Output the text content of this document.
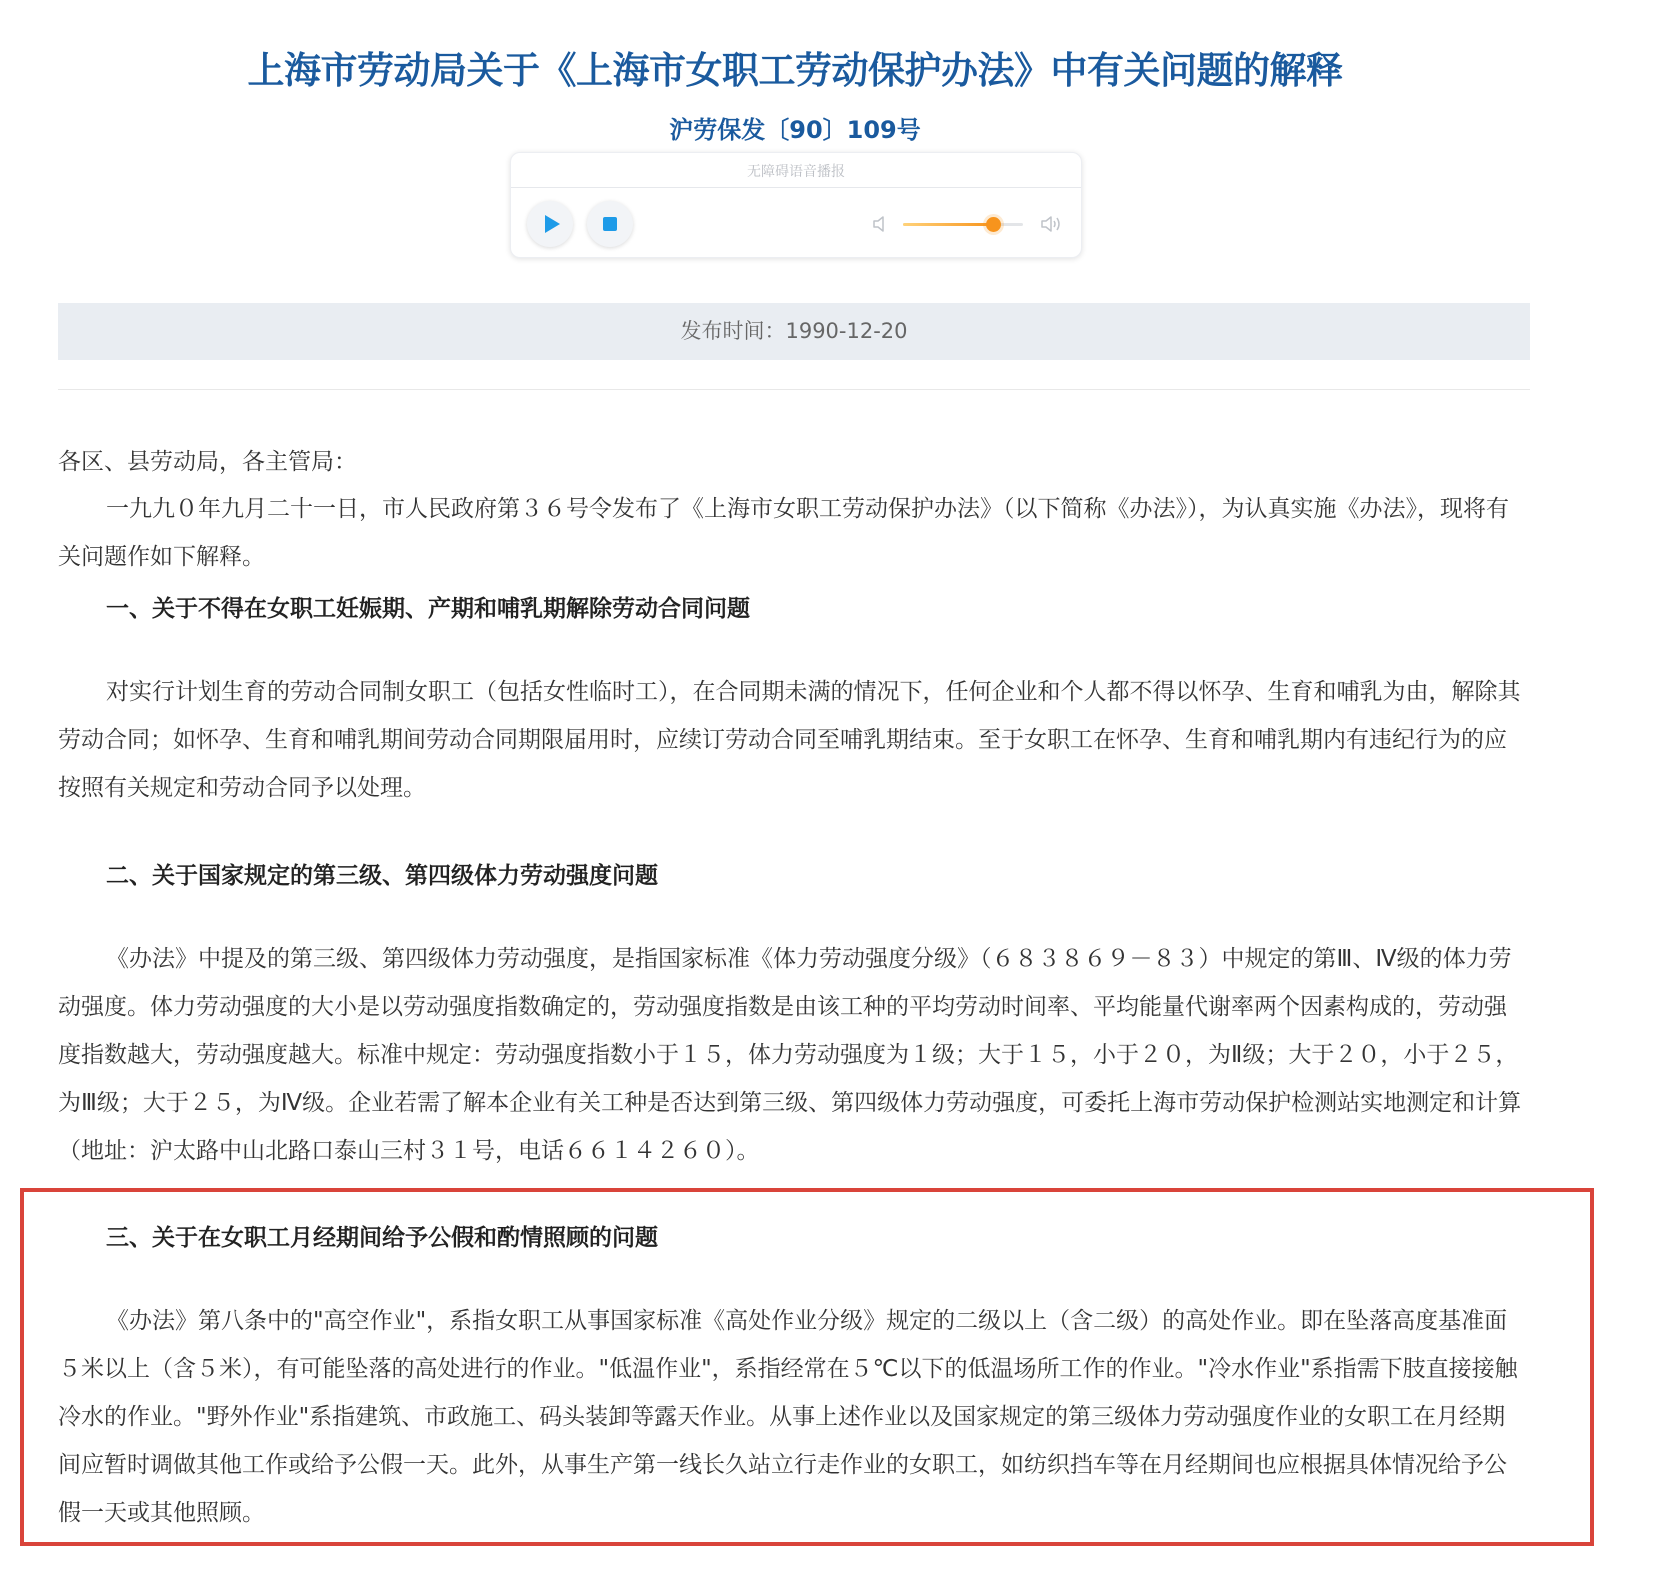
上海市劳动局关于《上海市女职工劳动保护办法》中有关问题的解释
沪劳保发〔90〕109号
无障碍语音播报
发布时间：1990-12-20
各区、县劳动局，各主管局：

一九九０年九月二十一日，市人民政府第３６号令发布了《上海市女职工劳动保护办法》（以下简称《办法》），为认真实施《办法》，现将有关问题作如下解释。

一、关于不得在女职工妊娠期、产期和哺乳期解除劳动合同问题

对实行计划生育的劳动合同制女职工（包括女性临时工），在合同期未满的情况下，任何企业和个人都不得以怀孕、生育和哺乳为由，解除其劳动合同；如怀孕、生育和哺乳期间劳动合同期限届用时，应续订劳动合同至哺乳期结束。至于女职工在怀孕、生育和哺乳期内有违纪行为的应按照有关规定和劳动合同予以处理。

二、关于国家规定的第三级、第四级体力劳动强度问题

《办法》中提及的第三级、第四级体力劳动强度，是指国家标准《体力劳动强度分级》（６８３８６９－８３）中规定的第Ⅲ、Ⅳ级的体力劳动强度。体力劳动强度的大小是以劳动强度指数确定的，劳动强度指数是由该工种的平均劳动时间率、平均能量代谢率两个因素构成的，劳动强度指数越大，劳动强度越大。标准中规定：劳动强度指数小于１５，体力劳动强度为１级；大于１５，小于２０，为Ⅱ级；大于２０，小于２５，为Ⅲ级；大于２５，为Ⅳ级。企业若需了解本企业有关工种是否达到第三级、第四级体力劳动强度，可委托上海市劳动保护检测站实地测定和计算（地址：沪太路中山北路口泰山三村３１号，电话６６１４２６０）。

三、关于在女职工月经期间给予公假和酌情照顾的问题

《办法》第八条中的"高空作业"，系指女职工从事国家标准《高处作业分级》规定的二级以上（含二级）的高处作业。即在坠落高度基准面５米以上（含５米），有可能坠落的高处进行的作业。"低温作业"，系指经常在５℃以下的低温场所工作的作业。"冷水作业"系指需下肢直接接触冷水的作业。"野外作业"系指建筑、市政施工、码头装卸等露天作业。从事上述作业以及国家规定的第三级体力劳动强度作业的女职工在月经期间应暂时调做其他工作或给予公假一天。此外，从事生产第一线长久站立行走作业的女职工，如纺织挡车等在月经期间也应根据具体情况给予公假一天或其他照顾。
